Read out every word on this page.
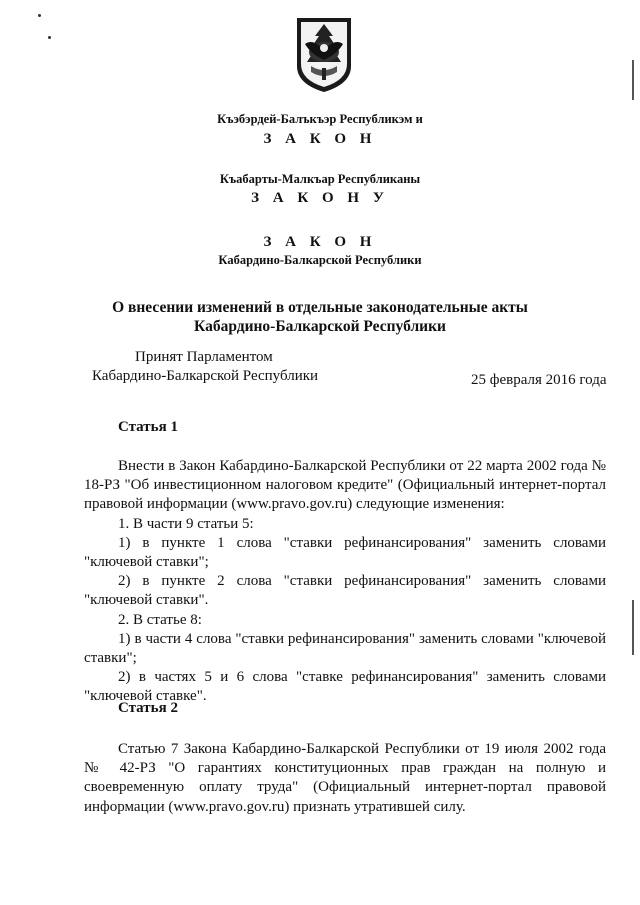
Къэбэрдей-Балъкъэр Республикэм и
З А К О Н
Къабарты-Малкъар Республиканы
З А К О Н У
З А К О Н
Кабардино-Балкарской Республики
О внесении изменений в отдельные законодательные акты
Кабардино-Балкарской Республики
Принят Парламентом
Кабардино-Балкарской Республики	25 февраля 2016 года
Статья 1

Внести в Закон Кабардино-Балкарской Республики от 22 марта 2002 года № 18-РЗ "Об инвестиционном налоговом кредите" (Официальный интернет-портал правовой информации (www.pravo.gov.ru) следующие изменения:

1. В части 9 статьи 5:

1) в пункте 1 слова "ставки рефинансирования" заменить словами "ключевой ставки";

2) в пункте 2 слова "ставки рефинансирования" заменить словами "ключевой ставки".

2. В статье 8:

1) в части 4 слова "ставки рефинансирования" заменить словами "ключевой ставки";

2) в частях 5 и 6 слова "ставке рефинансирования" заменить словами "ключевой ставке".

Статья 2

Статью 7 Закона Кабардино-Балкарской Республики от 19 июля 2002 года № 42-РЗ "О гарантиях конституционных прав граждан на полную и своевременную оплату труда" (Официальный интернет-портал правовой информации (www.pravo.gov.ru) признать утратившей силу.
